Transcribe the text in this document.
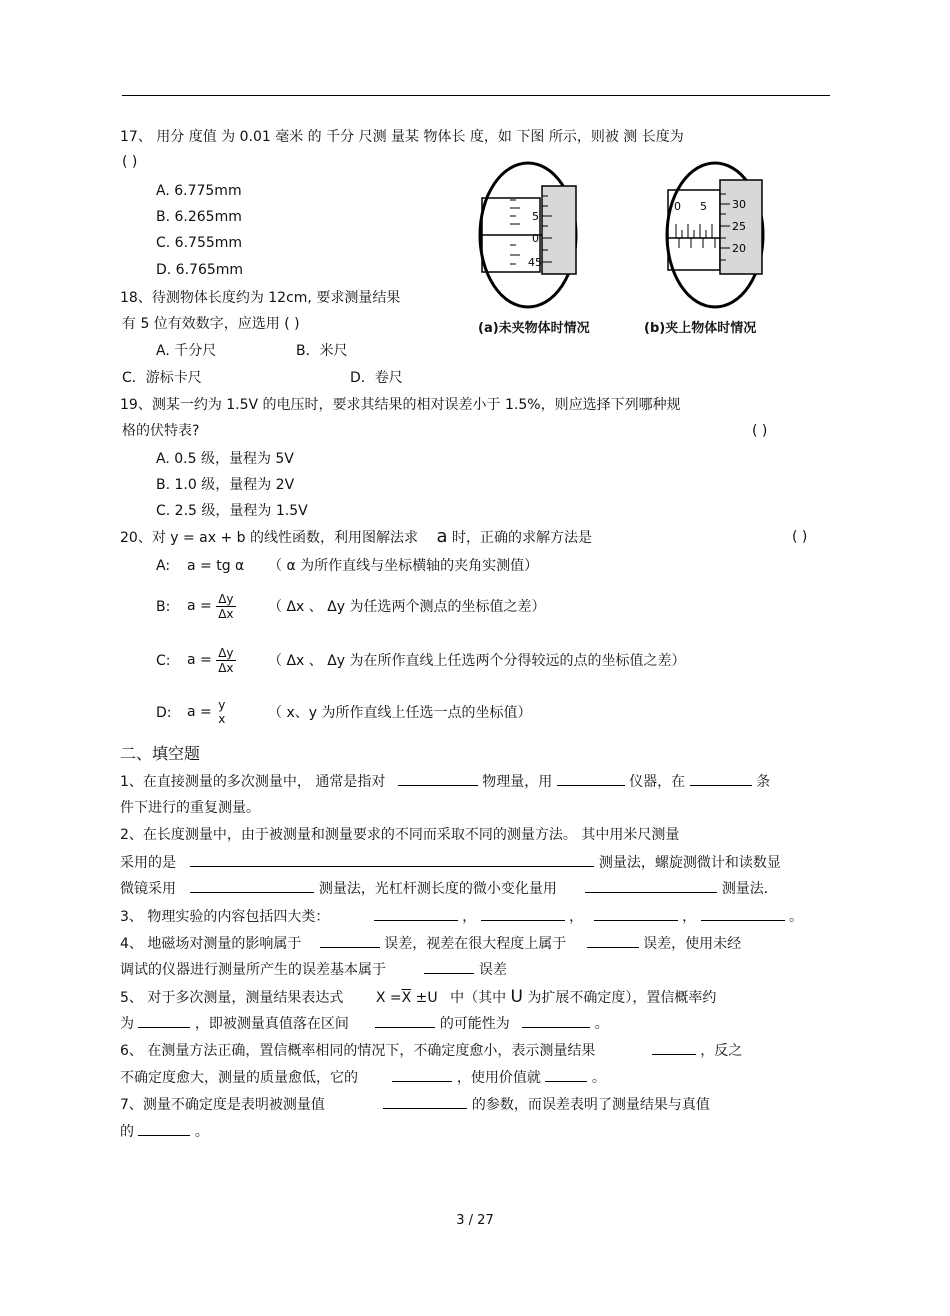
17、 用分 度值 为 0.01 毫米 的 千分 尺测 量某 物体长 度，如 下图 所示，则被 测 长度为
( )
A. 6.775mm
B. 6.265mm
C. 6.755mm
D. 6.765mm
5
0
45
(a)未夹物体时情况
0 5 30
25
20
(b)夹上物体时情况
18、待测物体长度约为 12cm, 要求测量结果
有 5 位有效数字，应选用 ( )
A. 千分尺	B．米尺
C．游标卡尺	D．卷尺
19、测某一约为 1.5V 的电压时，要求其结果的相对误差小于 1.5%，则应选择下列哪种规
格的伏特表?	( )
A. 0.5 级，量程为 5V
B. 1.0 级，量程为 2V
C. 2.5 级，量程为 1.5V
20、对 y = ax + b 的线性函数，利用图解法求 a 时，正确的求解方法是	( )
A: a = tg α （ α 为所作直线与坐标横轴的夹角实测值）
B: $a = \frac{\Delta y}{\Delta x}$ （ Δx 、 Δy 为任选两个测点的坐标值之差）
C: $a = \frac{\Delta y}{\Delta x}$ （ Δx 、 Δy 为在所作直线上任选两个分得较远的点的坐标值之差）
D: a = y
x	（ x、y 为所作直线上任选一点的坐标值）
二、填空题
1、在直接测量的多次测量中， 通常是指对	物理量，用	仪器，在	条
件下进行的重复测量。
2、在长度测量中，由于被测量和测量要求的不同而采取不同的测量方法。 其中用米尺测量
采用的是	测量法，螺旋测微计和读数显
微镜采用	测量法，光杠杆测长度的微小变化量用	测量法．
3、 物理实验的内容包括四大类：	，	，	，	。
4、 地磁场对测量的影响属于	误差，视差在很大程度上属于	误差，使用未经
调试的仪器进行测量所产生的误差基本属于	误差
5、 对于多次测量，测量结果表达式 $X =\overline{X} \pm U$ 中（其中 U 为扩展不确定度），置信概率约
为	，即被测量真值落在区间	的可能性为	。
6、 在测量方法正确，置信概率相同的情况下，不确定度愈小，表示测量结果	，反之
不确定度愈大，测量的质量愈低，它的	，使用价值就	。
7、测量不确定度是表明被测量值	的参数，而误差表明了测量结果与真值
的	。
3 / 27
